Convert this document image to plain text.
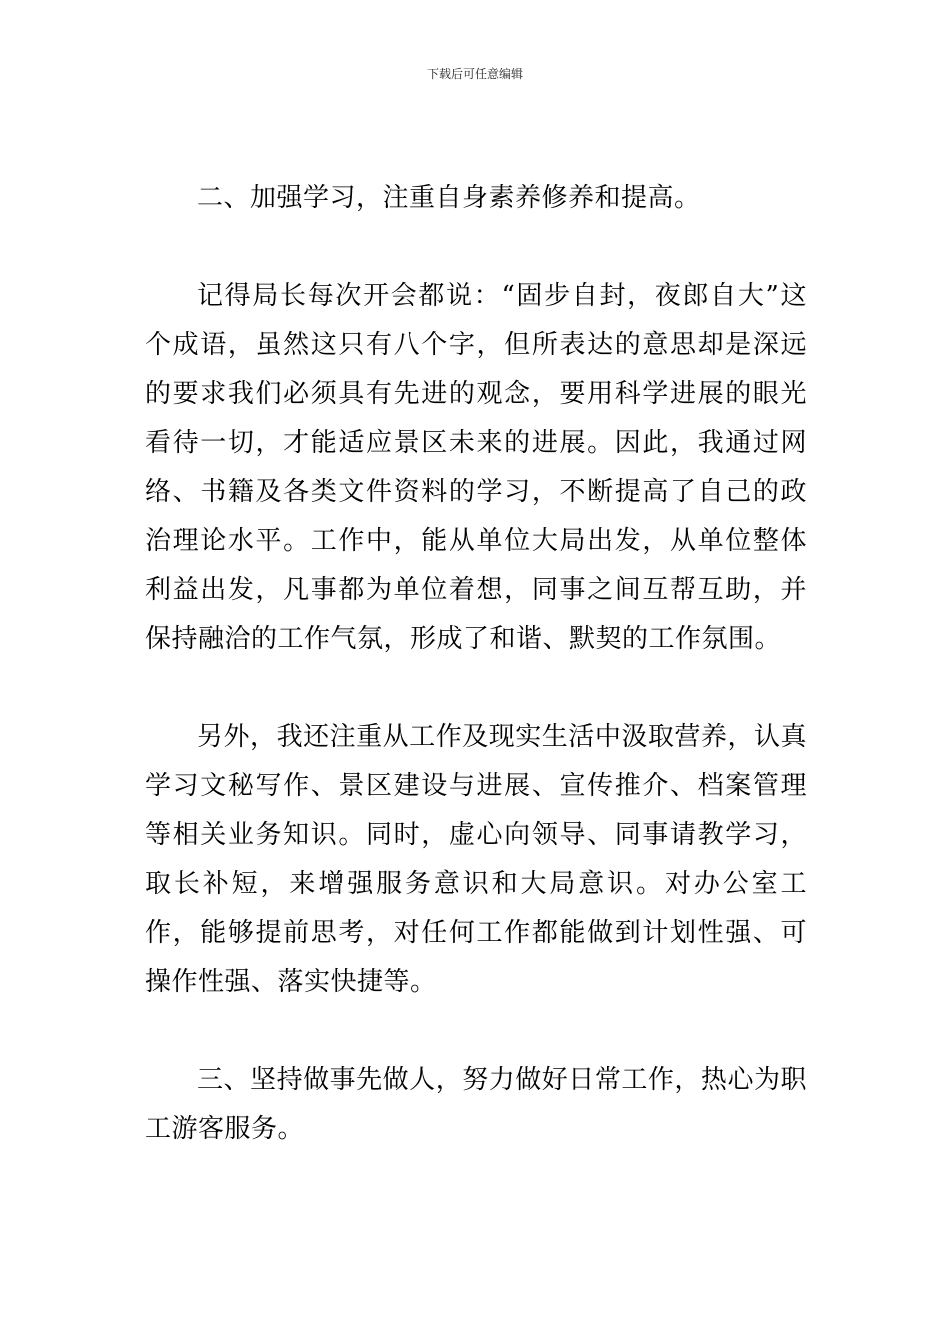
下载后可任意编辑

二、加强学习，注重自身素养修养和提高。

记得局长每次开会都说：“固步自封，夜郎自大”这个成语，虽然这只有八个字，但所表达的意思却是深远的要求我们必须具有先进的观念，要用科学进展的眼光看待一切，才能适应景区未来的进展。因此，我通过网络、书籍及各类文件资料的学习，不断提高了自己的政治理论水平。工作中，能从单位大局出发，从单位整体利益出发，凡事都为单位着想，同事之间互帮互助，并保持融洽的工作气氛，形成了和谐、默契的工作氛围。

另外，我还注重从工作及现实生活中汲取营养，认真学习文秘写作、景区建设与进展、宣传推介、档案管理等相关业务知识。同时，虚心向领导、同事请教学习，取长补短，来增强服务意识和大局意识。对办公室工作，能够提前思考，对任何工作都能做到计划性强、可操作性强、落实快捷等。

三、坚持做事先做人，努力做好日常工作，热心为职工游客服务。
